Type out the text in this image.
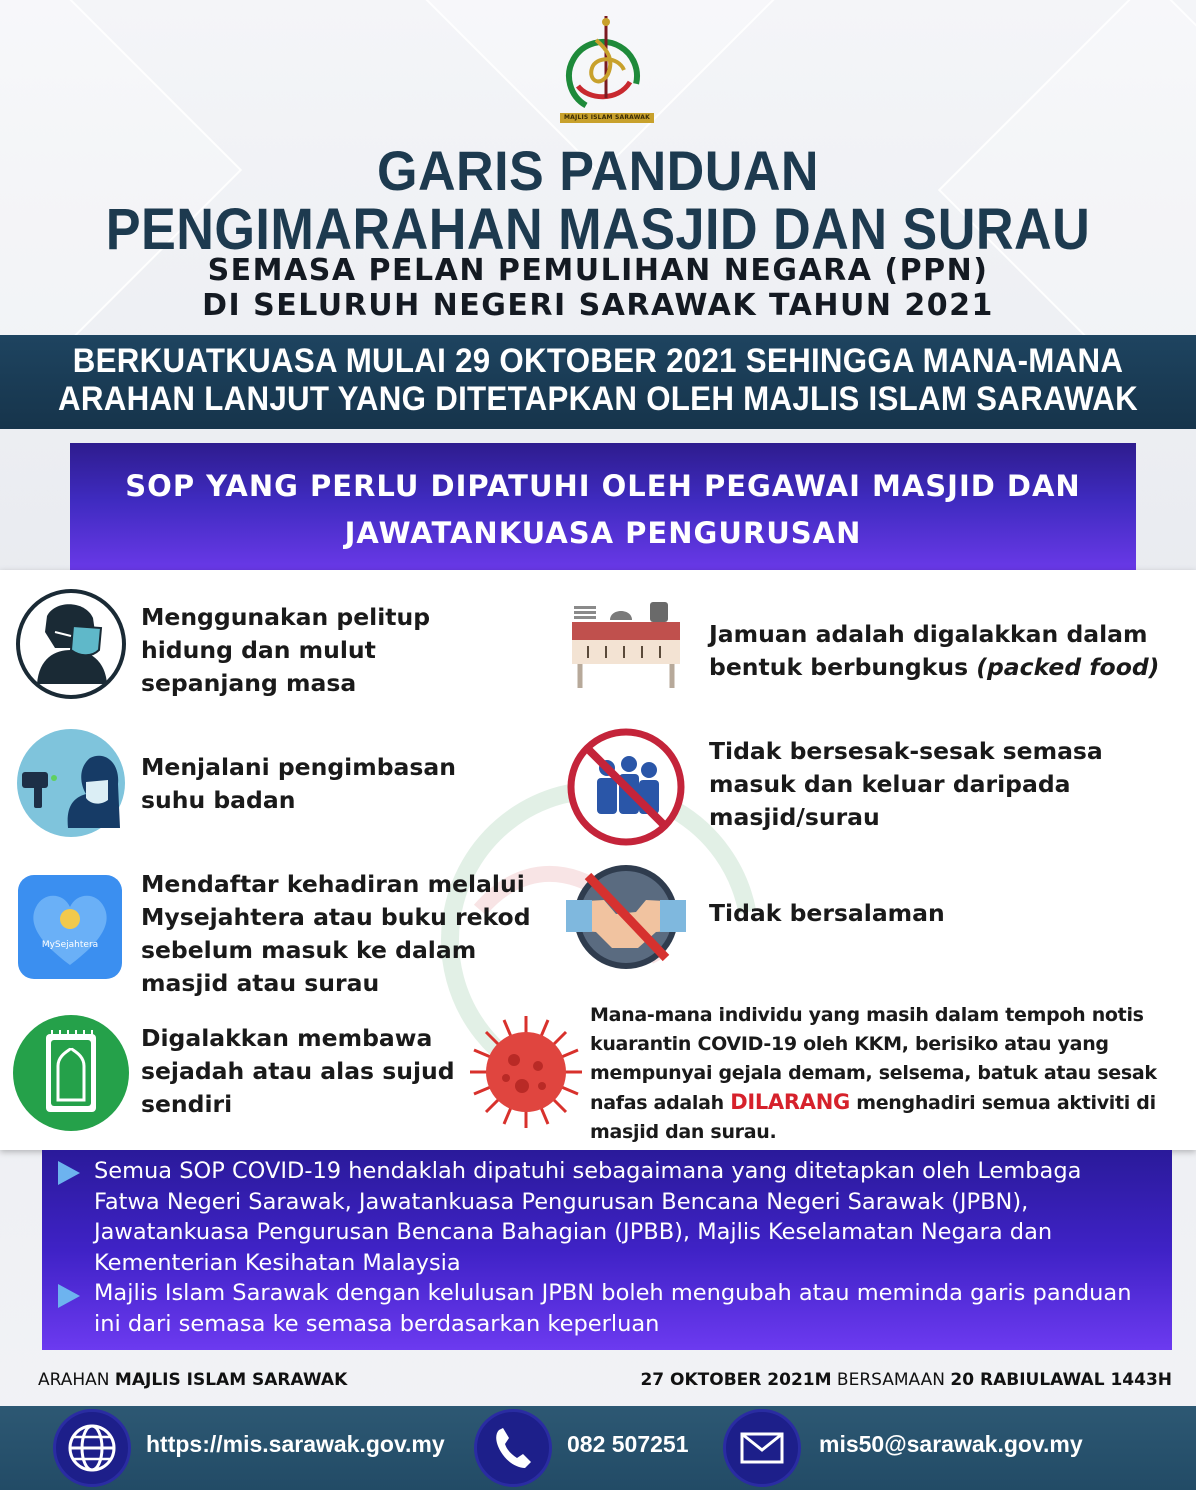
MAJLIS ISLAM SARAWAK
GARIS PANDUAN
PENGIMARAHAN MASJID DAN SURAU
SEMASA PELAN PEMULIHAN NEGARA (PPN)
DI SELURUH NEGERI SARAWAK TAHUN 2021
BERKUATKUASA MULAI 29 OKTOBER 2021 SEHINGGA MANA-MANA
ARAHAN LANJUT YANG DITETAPKAN OLEH MAJLIS ISLAM SARAWAK
SOP YANG PERLU DIPATUHI OLEH PEGAWAI MASJID DAN
JAWATANKUASA PENGURUSAN
Menggunakan pelitup
hidung dan mulut
sepanjang masa
Menjalani pengimbasan
suhu badan
MySejahtera
Mendaftar kehadiran melalui
Mysejahtera atau buku rekod
sebelum masuk ke dalam
masjid atau surau
Digalakkan membawa
sejadah atau alas sujud
sendiri
Jamuan adalah digalakkan dalam
bentuk berbungkus (packed food)
Tidak bersesak-sesak semasa
masuk dan keluar daripada
masjid/surau
Tidak bersalaman
Mana-mana individu yang masih dalam tempoh notis
kuarantin COVID-19 oleh KKM, berisiko atau yang
mempunyai gejala demam, selsema, batuk atau sesak
nafas adalah DILARANG menghadiri semua aktiviti di
masjid dan surau.
Semua SOP COVID-19 hendaklah dipatuhi sebagaimana yang ditetapkan oleh Lembaga
Fatwa Negeri Sarawak, Jawatankuasa Pengurusan Bencana Negeri Sarawak (JPBN),
Jawatankuasa Pengurusan Bencana Bahagian (JPBB), Majlis Keselamatan Negara dan
Kementerian Kesihatan Malaysia
Majlis Islam Sarawak dengan kelulusan JPBN boleh mengubah atau meminda garis panduan
ini dari semasa ke semasa berdasarkan keperluan
ARAHAN MAJLIS ISLAM SARAWAK	27 OKTOBER 2021M BERSAMAAN 20 RABIULAWAL 1443H
https://mis.sarawak.gov.my	082 507251	mis50@sarawak.gov.my
